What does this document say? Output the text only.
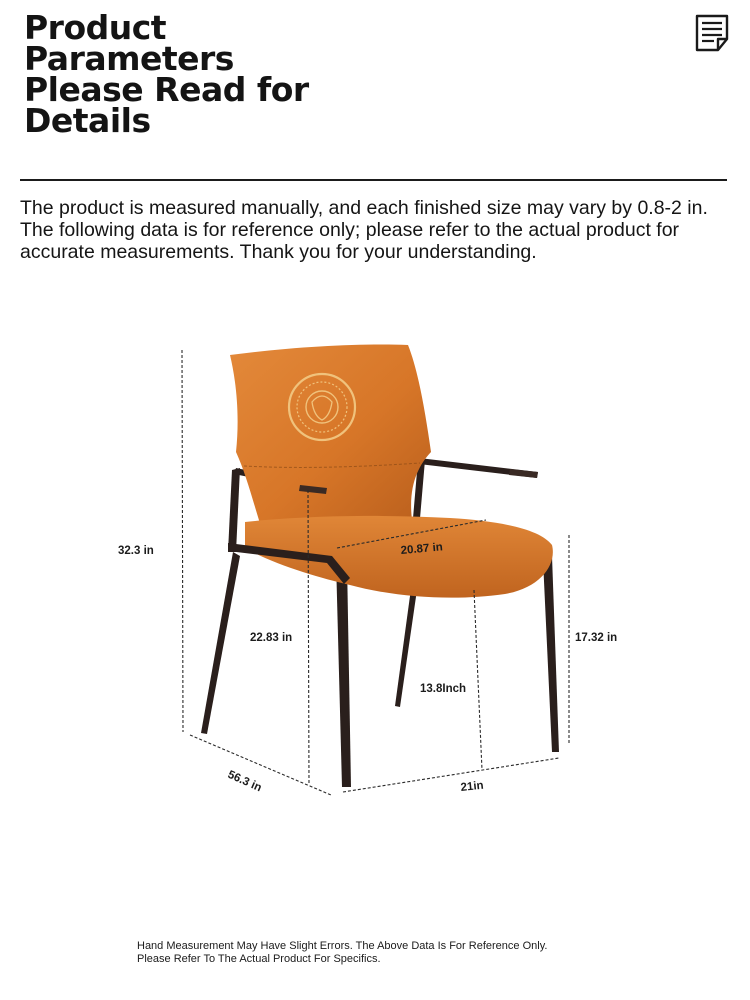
Product Parameters Please Read for Details

The product is measured manually, and each finished size may vary by 0.8-2 in. The following data is for reference only; please refer to the actual product for accurate measurements. Thank you for your understanding.

32.3 in
22.83 in
20.87 in
17.32 in
13.8Inch
56.3 in	21in

Hand Measurement May Have Slight Errors. The Above Data Is For Reference Only.
Please Refer To The Actual Product For Specifics.
